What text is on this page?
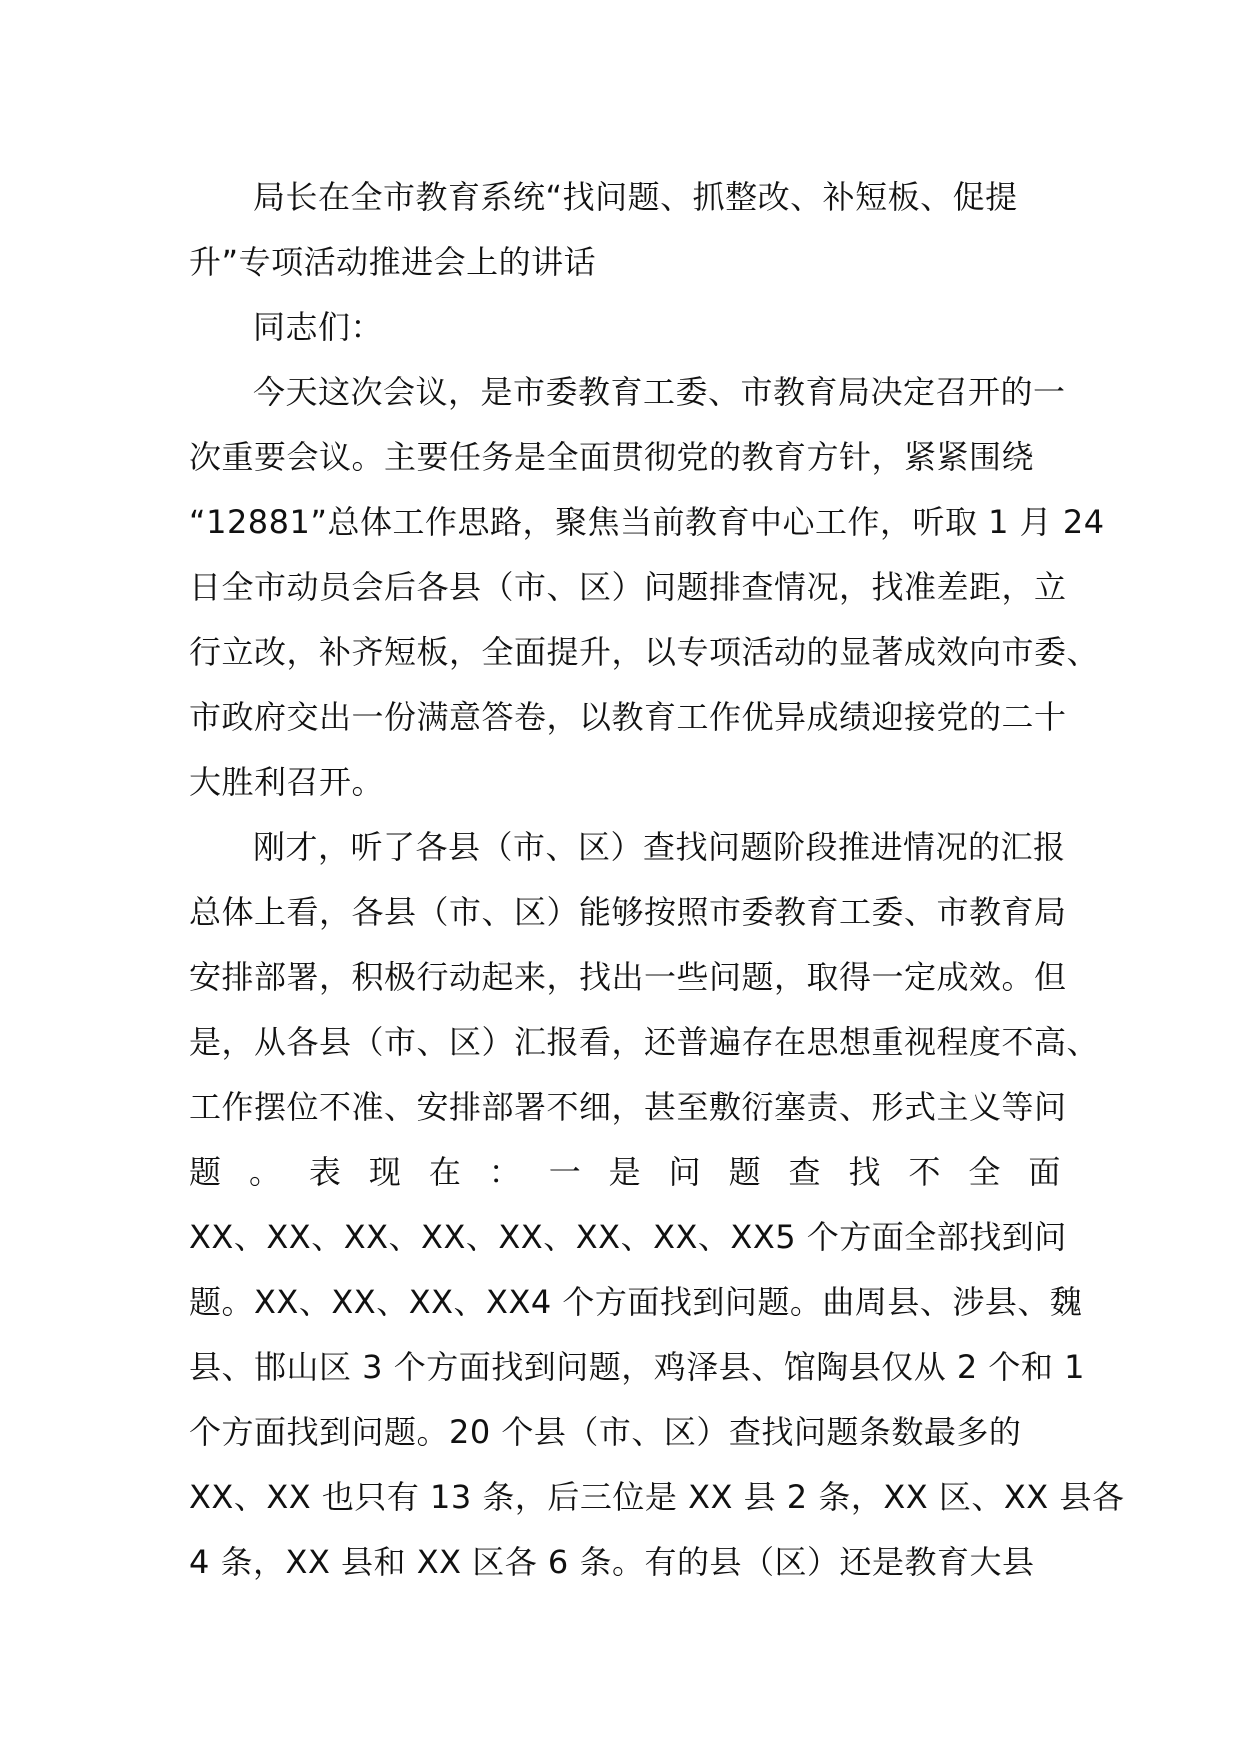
局长在全市教育系统“找问题、抓整改、补短板、促提
升”专项活动推进会上的讲话
同志们：
今天这次会议，是市委教育工委、市教育局决定召开的一
次重要会议。主要任务是全面贯彻党的教育方针，紧紧围绕
“12881”总体工作思路，聚焦当前教育中心工作，听取 1 月 24
日全市动员会后各县（市、区）问题排查情况，找准差距，立
行立改，补齐短板，全面提升，以专项活动的显著成效向市委、
市政府交出一份满意答卷，以教育工作优异成绩迎接党的二十
大胜利召开。
刚才，听了各县（市、区）查找问题阶段推进情况的汇报
总体上看，各县（市、区）能够按照市委教育工委、市教育局
安排部署，积极行动起来，找出一些问题，取得一定成效。但
是，从各县（市、区）汇报看，还普遍存在思想重视程度不高、
工作摆位不准、安排部署不细，甚至敷衍塞责、形式主义等问
题 。 表 现 在 ： 一 是 问 题 查 找 不 全 面
XX、XX、XX、XX、XX、XX、XX、XX5 个方面全部找到问
题。XX、XX、XX、XX4 个方面找到问题。曲周县、涉县、魏
县、邯山区 3 个方面找到问题，鸡泽县、馆陶县仅从 2 个和 1
个方面找到问题。20 个县（市、区）查找问题条数最多的
XX、XX 也只有 13 条，后三位是 XX 县 2 条，XX 区、XX 县各
4 条，XX 县和 XX 区各 6 条。有的县（区）还是教育大县
